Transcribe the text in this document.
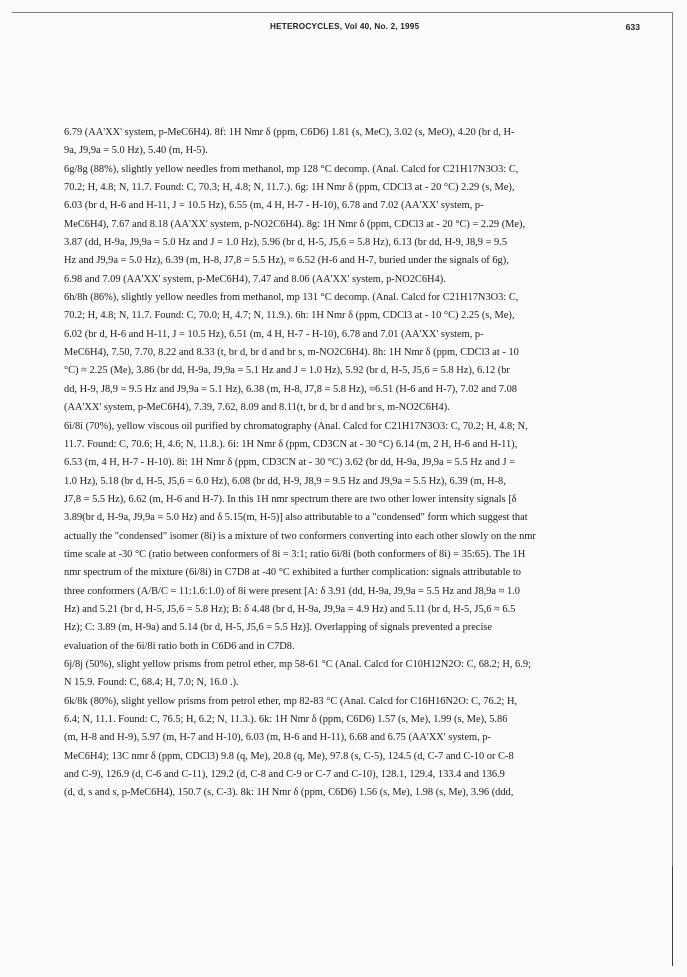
HETEROCYCLES, Vol 40, No. 2, 1995	633
6.79 (AA'XX' system, p-MeC6H4). 8f: 1H Nmr δ (ppm, C6D6) 1.81 (s, MeC), 3.02 (s, MeO), 4.20 (br d, H-
9a, J9,9a = 5.0 Hz), 5.40 (m, H-5).
6g/8g (88%), slightly yellow needles from methanol, mp 128 °C decomp. (Anal. Calcd for C21H17N3O3: C,
70.2; H, 4.8; N, 11.7. Found: C, 70.3; H, 4.8; N, 11.7.). 6g: 1H Nmr δ (ppm, CDCl3 at - 20 °C) 2.29 (s, Me),
6.03 (br d, H-6 and H-11, J = 10.5 Hz), 6.55 (m, 4 H, H-7 - H-10), 6.78 and 7.02 (AA'XX' system, p-
MeC6H4), 7.67 and 8.18 (AA'XX' system, p-NO2C6H4). 8g: 1H Nmr δ (ppm, CDCl3 at - 20 °C) = 2.29 (Me),
3.87 (dd, H-9a, J9,9a = 5.0 Hz and J = 1.0 Hz), 5.96 (br d, H-5, J5,6 = 5.8 Hz), 6.13 (br dd, H-9, J8,9 = 9.5
Hz and J9,9a = 5.0 Hz), 6.39 (m, H-8, J7,8 = 5.5 Hz), ≈ 6.52 (H-6 and H-7, buried under the signals of 6g),
6.98 and 7.09 (AA'XX' system, p-MeC6H4), 7.47 and 8.06 (AA'XX' system, p-NO2C6H4).
6h/8h (86%), slightly yellow needles from methanol, mp 131 °C decomp. (Anal. Calcd for C21H17N3O3: C,
70.2; H, 4.8; N, 11.7. Found: C, 70.0; H, 4.7; N, 11.9.). 6h: 1H Nmr δ (ppm, CDCl3 at - 10 °C) 2.25 (s, Me),
6.02 (br d, H-6 and H-11, J = 10.5 Hz), 6.51 (m, 4 H, H-7 - H-10), 6.78 and 7.01 (AA'XX' system, p-
MeC6H4), 7.50, 7.70, 8.22 and 8.33 (t, br d, br d and br s, m-NO2C6H4). 8h: 1H Nmr δ (ppm, CDCl3 at - 10
°C) ≈ 2.25 (Me), 3.86 (br dd, H-9a, J9,9a = 5.1 Hz and J = 1.0 Hz), 5.92 (br d, H-5, J5,6 = 5.8 Hz), 6.12 (br
dd, H-9, J8,9 = 9.5 Hz and J9,9a = 5.1 Hz), 6.38 (m, H-8, J7,8 = 5.8 Hz), ≈6.51 (H-6 and H-7), 7.02 and 7.08
(AA'XX' system, p-MeC6H4), 7.39, 7.62, 8.09 and 8.11(t, br d, br d and br s, m-NO2C6H4).
6i/8i (70%), yellow viscous oil purified by chromatography (Anal. Calcd for C21H17N3O3: C, 70.2; H, 4.8; N,
11.7. Found: C, 70.6; H, 4.6; N, 11.8.). 6i: 1H Nmr δ (ppm, CD3CN at - 30 °C) 6.14 (m, 2 H, H-6 and H-11),
6.53 (m, 4 H, H-7 - H-10). 8i: 1H Nmr δ (ppm, CD3CN at - 30 °C) 3.62 (br dd, H-9a, J9,9a = 5.5 Hz and J =
1.0 Hz), 5.18 (br d, H-5, J5,6 = 6.0 Hz), 6.08 (br dd, H-9, J8,9 = 9.5 Hz and J9,9a = 5.5 Hz), 6.39 (m, H-8,
J7,8 = 5.5 Hz), 6.62 (m, H-6 and H-7). In this 1H nmr spectrum there are two other lower intensity signals [δ
3.89(br d, H-9a, J9,9a = 5.0 Hz) and δ 5.15(m, H-5)] also attributable to a "condensed" form which suggest that
actually the "condensed" isomer (8i) is a mixture of two conformers converting into each other slowly on the nmr
time scale at -30 °C (ratio between conformers of 8i = 3:1; ratio 6i/8i (both conformers of 8i) = 35:65). The 1H
nmr spectrum of the mixture (6i/8i) in C7D8 at -40 °C exhibited a further complication: signals attributable to
three conformers (A/B/C = 11:1.6:1.0) of 8i were present [A: δ 3.91 (dd, H-9a, J9,9a = 5.5 Hz and J8,9a ≈ 1.0
Hz) and 5.21 (br d, H-5, J5,6 = 5.8 Hz); B: δ 4.48 (br d, H-9a, J9,9a = 4.9 Hz) and 5.11 (br d, H-5, J5,6 ≈ 6.5
Hz); C: 3.89 (m, H-9a) and 5.14 (br d, H-5, J5,6 = 5.5 Hz)]. Overlapping of signals prevented a precise
evaluation of the 6i/8i ratio both in C6D6 and in C7D8.
6j/8j (50%), slight yellow prisms from petrol ether, mp 58-61 °C (Anal. Calcd for C10H12N2O: C, 68.2; H, 6.9;
N 15.9. Found: C, 68.4; H, 7.0; N, 16.0 .).
6k/8k (80%), slight yellow prisms from petrol ether, mp 82-83 °C (Anal. Calcd for C16H16N2O: C, 76.2; H,
6.4; N, 11.1. Found: C, 76.5; H, 6.2; N, 11.3.). 6k: 1H Nmr δ (ppm, C6D6) 1.57 (s, Me), 1.99 (s, Me), 5.86
(m, H-8 and H-9), 5.97 (m, H-7 and H-10), 6.03 (m, H-6 and H-11), 6.68 and 6.75 (AA'XX' system, p-
MeC6H4); 13C nmr δ (ppm, CDCl3) 9.8 (q, Me), 20.8 (q, Me), 97.8 (s, C-5), 124.5 (d, C-7 and C-10 or C-8
and C-9), 126.9 (d, C-6 and C-11), 129.2 (d, C-8 and C-9 or C-7 and C-10), 128.1, 129.4, 133.4 and 136.9
(d, d, s and s, p-MeC6H4), 150.7 (s, C-3). 8k: 1H Nmr δ (ppm, C6D6) 1.56 (s, Me), 1.98 (s, Me), 3.96 (ddd,
